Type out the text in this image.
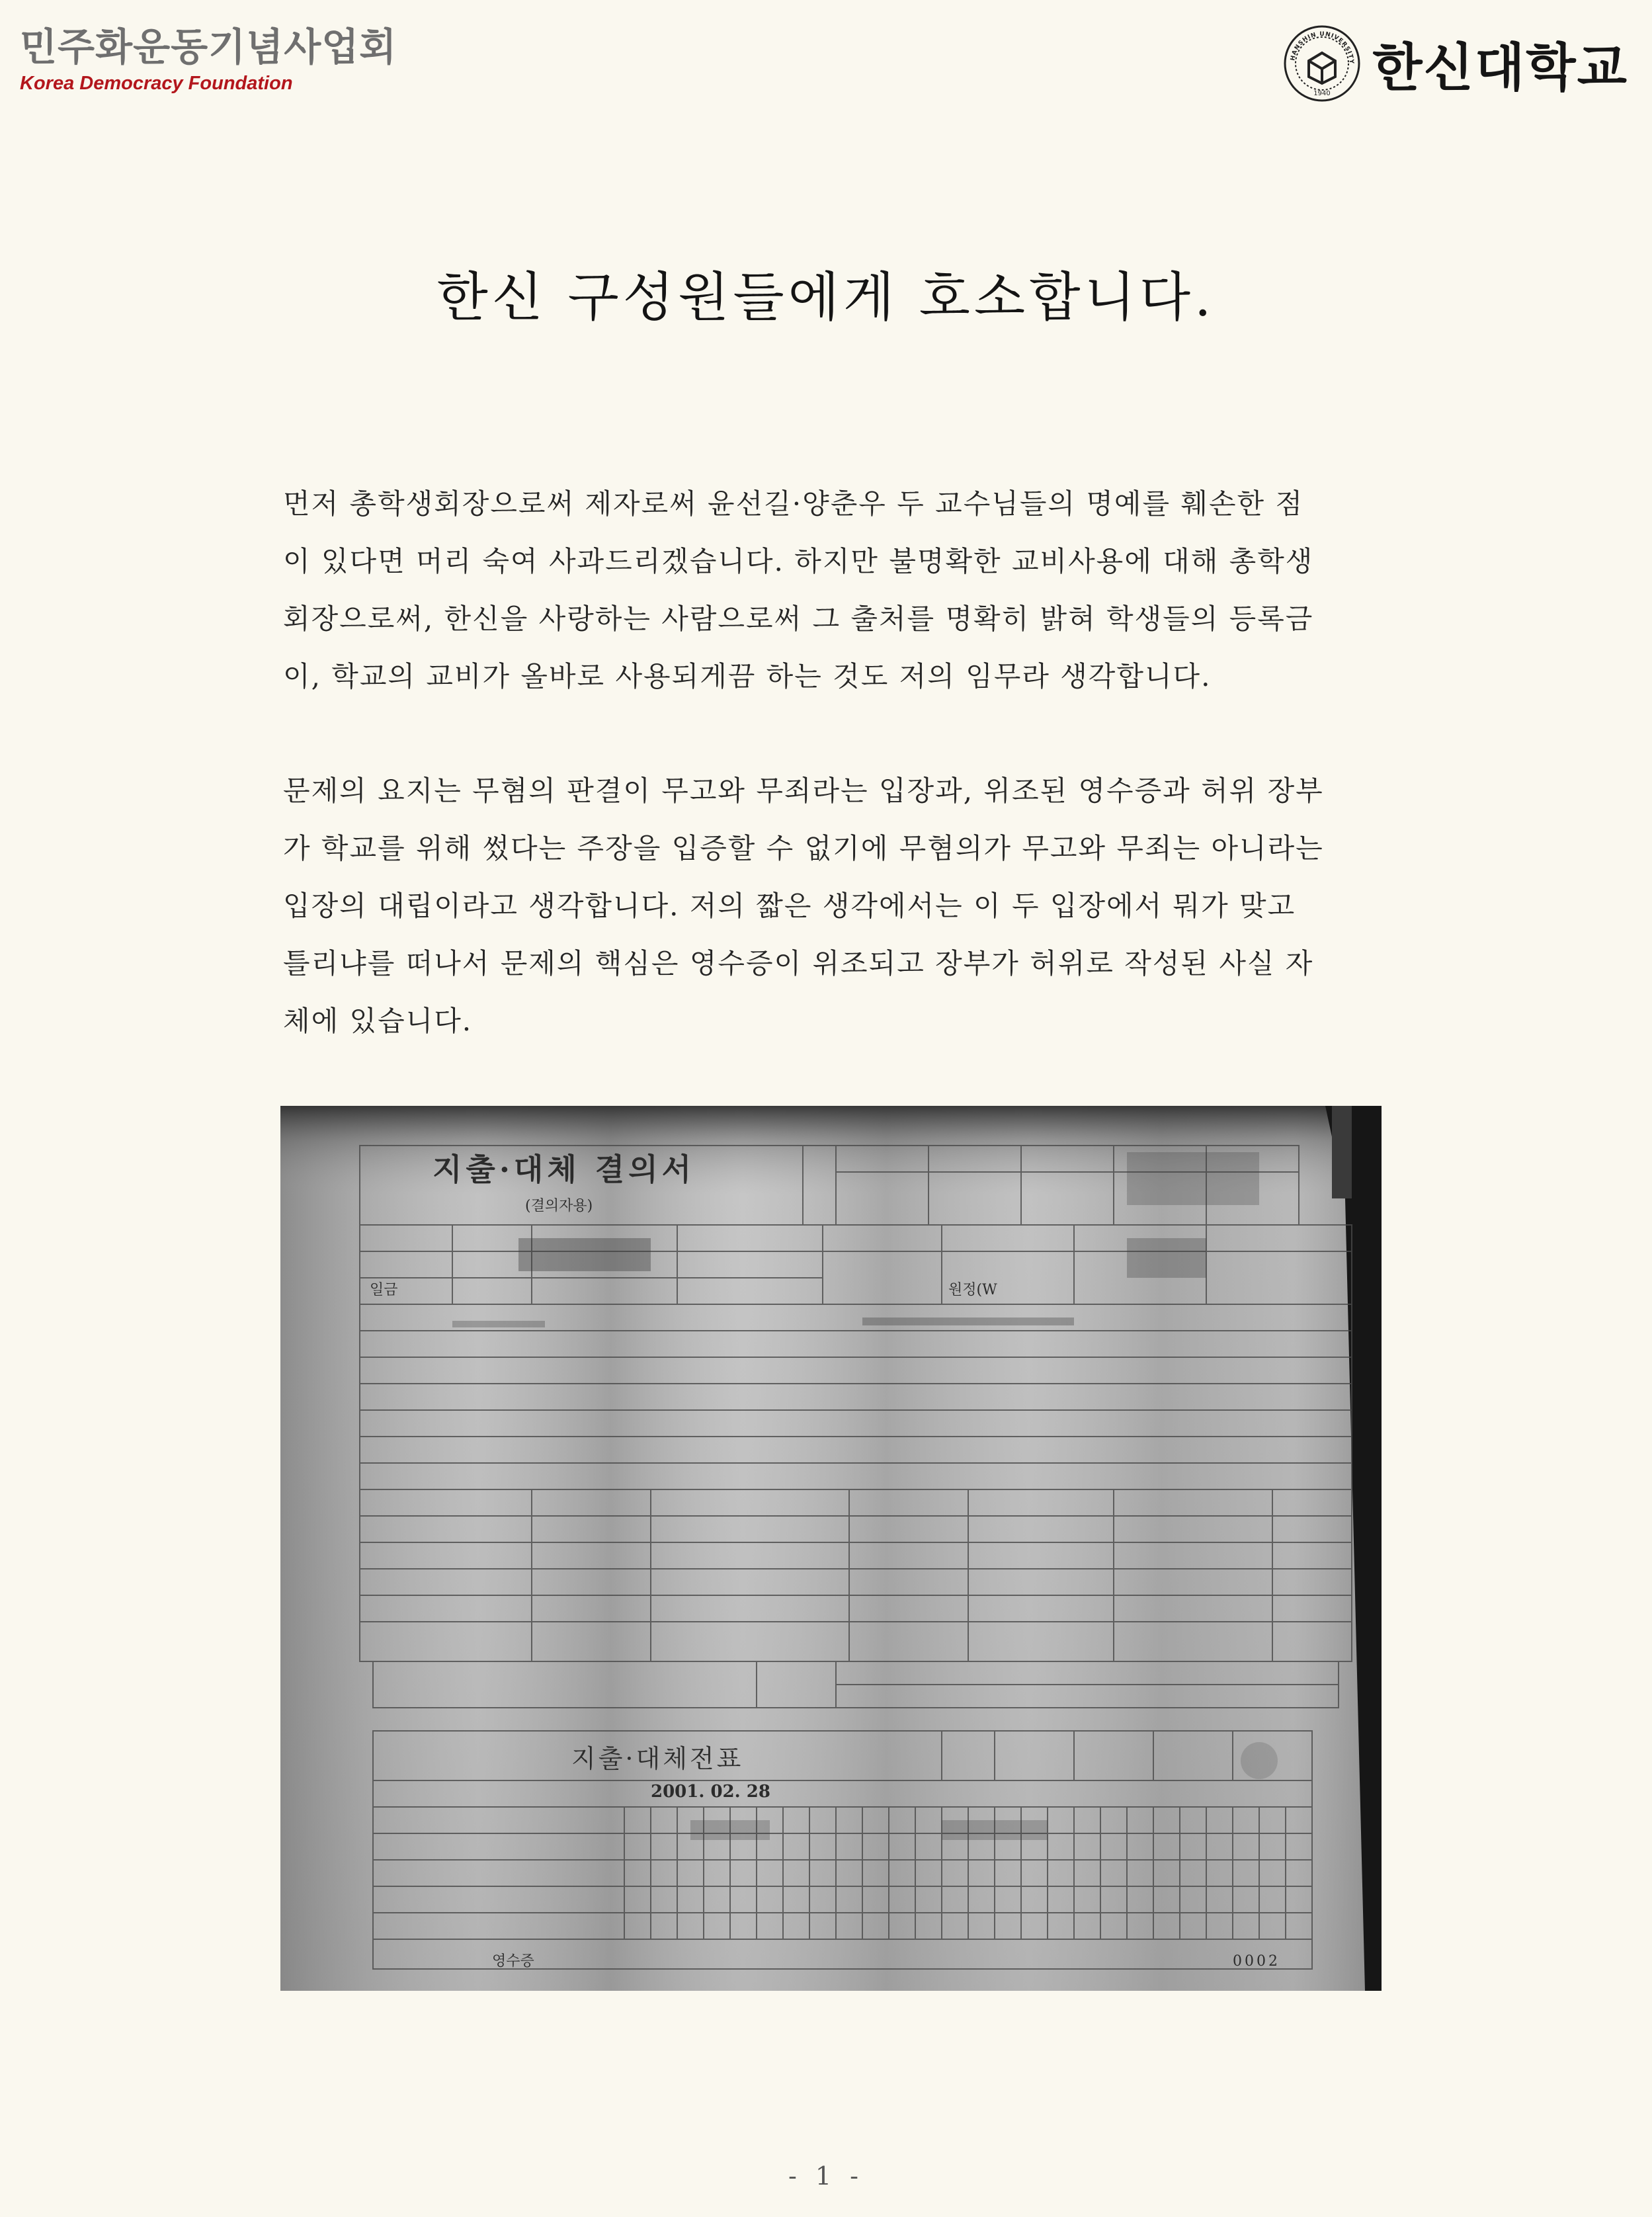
민주화운동기념사업회
Korea Democracy Foundation
HANSHIN UNIVERSITY
1940 한신대학교
한신 구성원들에게 호소합니다.
먼저 총학생회장으로써 제자로써 윤선길·양춘우 두 교수님들의 명예를 훼손한 점
이 있다면 머리 숙여 사과드리겠습니다. 하지만 불명확한 교비사용에 대해 총학생
회장으로써, 한신을 사랑하는 사람으로써 그 출처를 명확히 밝혀 학생들의 등록금
이, 학교의 교비가 올바로 사용되게끔 하는 것도 저의 임무라 생각합니다.
문제의 요지는 무혐의 판결이 무고와 무죄라는 입장과, 위조된 영수증과 허위 장부
가 학교를 위해 썼다는 주장을 입증할 수 없기에 무혐의가 무고와 무죄는 아니라는
입장의 대립이라고 생각합니다. 저의 짧은 생각에서는 이 두 입장에서 뭐가 맞고
틀리냐를 떠나서 문제의 핵심은 영수증이 위조되고 장부가 허위로 작성된 사실 자
체에 있습니다.
지출·대체 결의서
(결의자용)
일금	원정(W
지출·대체전표
2001. 02. 28
영수증	0002
- 1 -
